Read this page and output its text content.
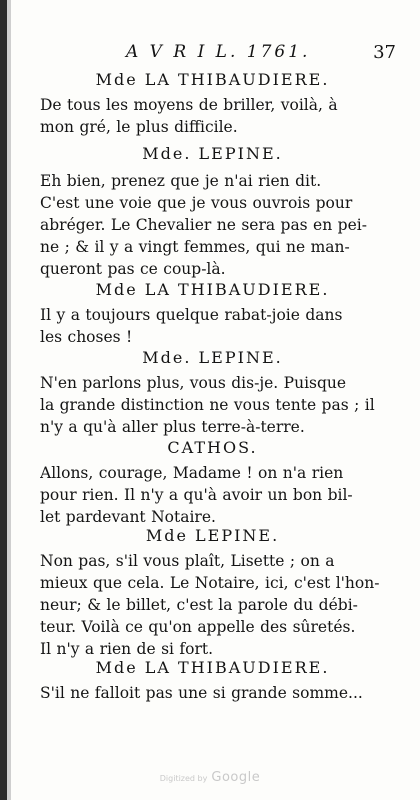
A V R I L. 1761.	37
Mde LA THIBAUDIERE.
De tous les moyens de briller, voilà, à
mon gré, le plus difficile.
Mde. LEPINE.
Eh bien, prenez que je n'ai rien dit.
C'est une voie que je vous ouvrois pour
abréger. Le Chevalier ne sera pas en pei-
ne ; & il y a vingt femmes, qui ne man-
queront pas ce coup-là.
Mde LA THIBAUDIERE.
Il y a toujours quelque rabat-joie dans
les choses !
Mde. LEPINE.
N'en parlons plus, vous dis-je. Puisque
la grande distinction ne vous tente pas ; il
n'y a qu'à aller plus terre-à-terre.
CATHOS.
Allons, courage, Madame ! on n'a rien
pour rien. Il n'y a qu'à avoir un bon bil-
let pardevant Notaire.
Mde LEPINE.
Non pas, s'il vous plaît, Lisette ; on a
mieux que cela. Le Notaire, ici, c'est l'hon-
neur; & le billet, c'est la parole du débi-
teur. Voilà ce qu'on appelle des sûretés.
Il n'y a rien de si fort.
Mde LA THIBAUDIERE.
S'il ne falloit pas une si grande somme...
Digitized by Google
